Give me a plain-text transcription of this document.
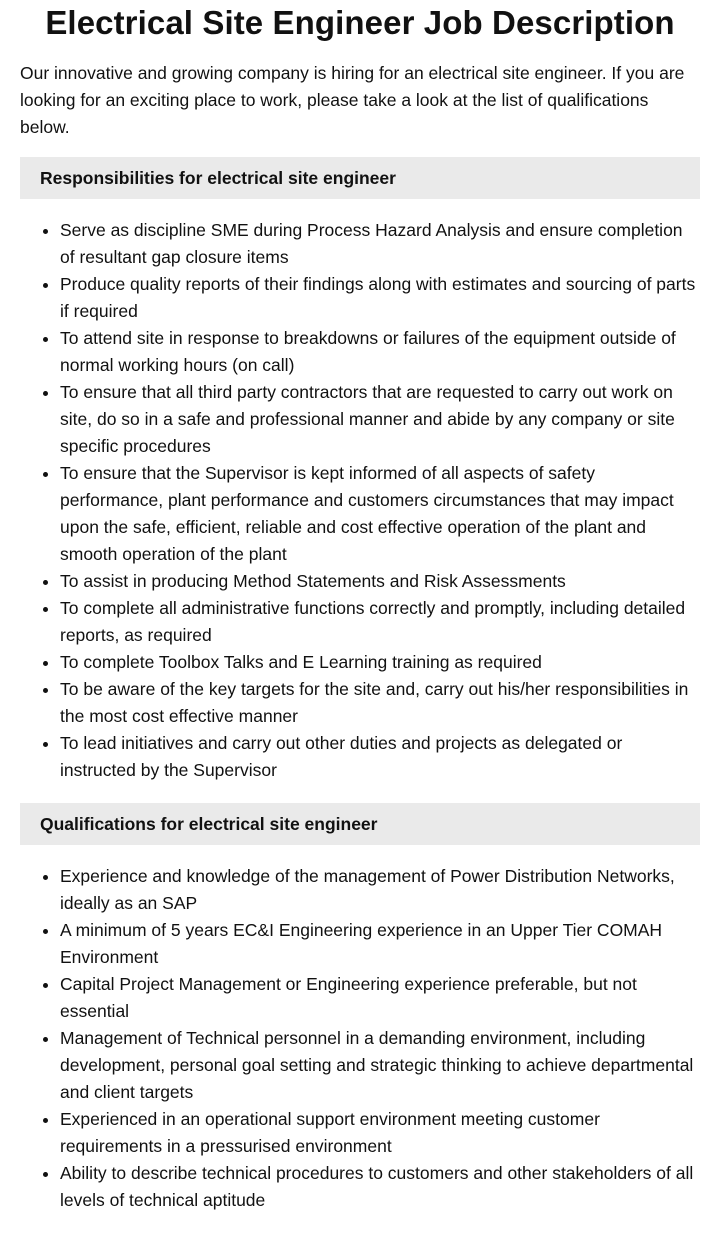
Electrical Site Engineer Job Description

Our innovative and growing company is hiring for an electrical site engineer. If you are looking for an exciting place to work, please take a look at the list of qualifications below.

Responsibilities for electrical site engineer
• Serve as discipline SME during Process Hazard Analysis and ensure completion of resultant gap closure items
• Produce quality reports of their findings along with estimates and sourcing of parts if required
• To attend site in response to breakdowns or failures of the equipment outside of normal working hours (on call)
• To ensure that all third party contractors that are requested to carry out work on site, do so in a safe and professional manner and abide by any company or site specific procedures
• To ensure that the Supervisor is kept informed of all aspects of safety performance, plant performance and customers circumstances that may impact upon the safe, efficient, reliable and cost effective operation of the plant and smooth operation of the plant
• To assist in producing Method Statements and Risk Assessments
• To complete all administrative functions correctly and promptly, including detailed reports, as required
• To complete Toolbox Talks and E Learning training as required
• To be aware of the key targets for the site and, carry out his/her responsibilities in the most cost effective manner
• To lead initiatives and carry out other duties and projects as delegated or instructed by the Supervisor
Qualifications for electrical site engineer
• Experience and knowledge of the management of Power Distribution Networks, ideally as an SAP
• A minimum of 5 years EC&I Engineering experience in an Upper Tier COMAH Environment
• Capital Project Management or Engineering experience preferable, but not essential
• Management of Technical personnel in a demanding environment, including development, personal goal setting and strategic thinking to achieve departmental and client targets
• Experienced in an operational support environment meeting customer requirements in a pressurised environment
• Ability to describe technical procedures to customers and other stakeholders of all levels of technical aptitude
